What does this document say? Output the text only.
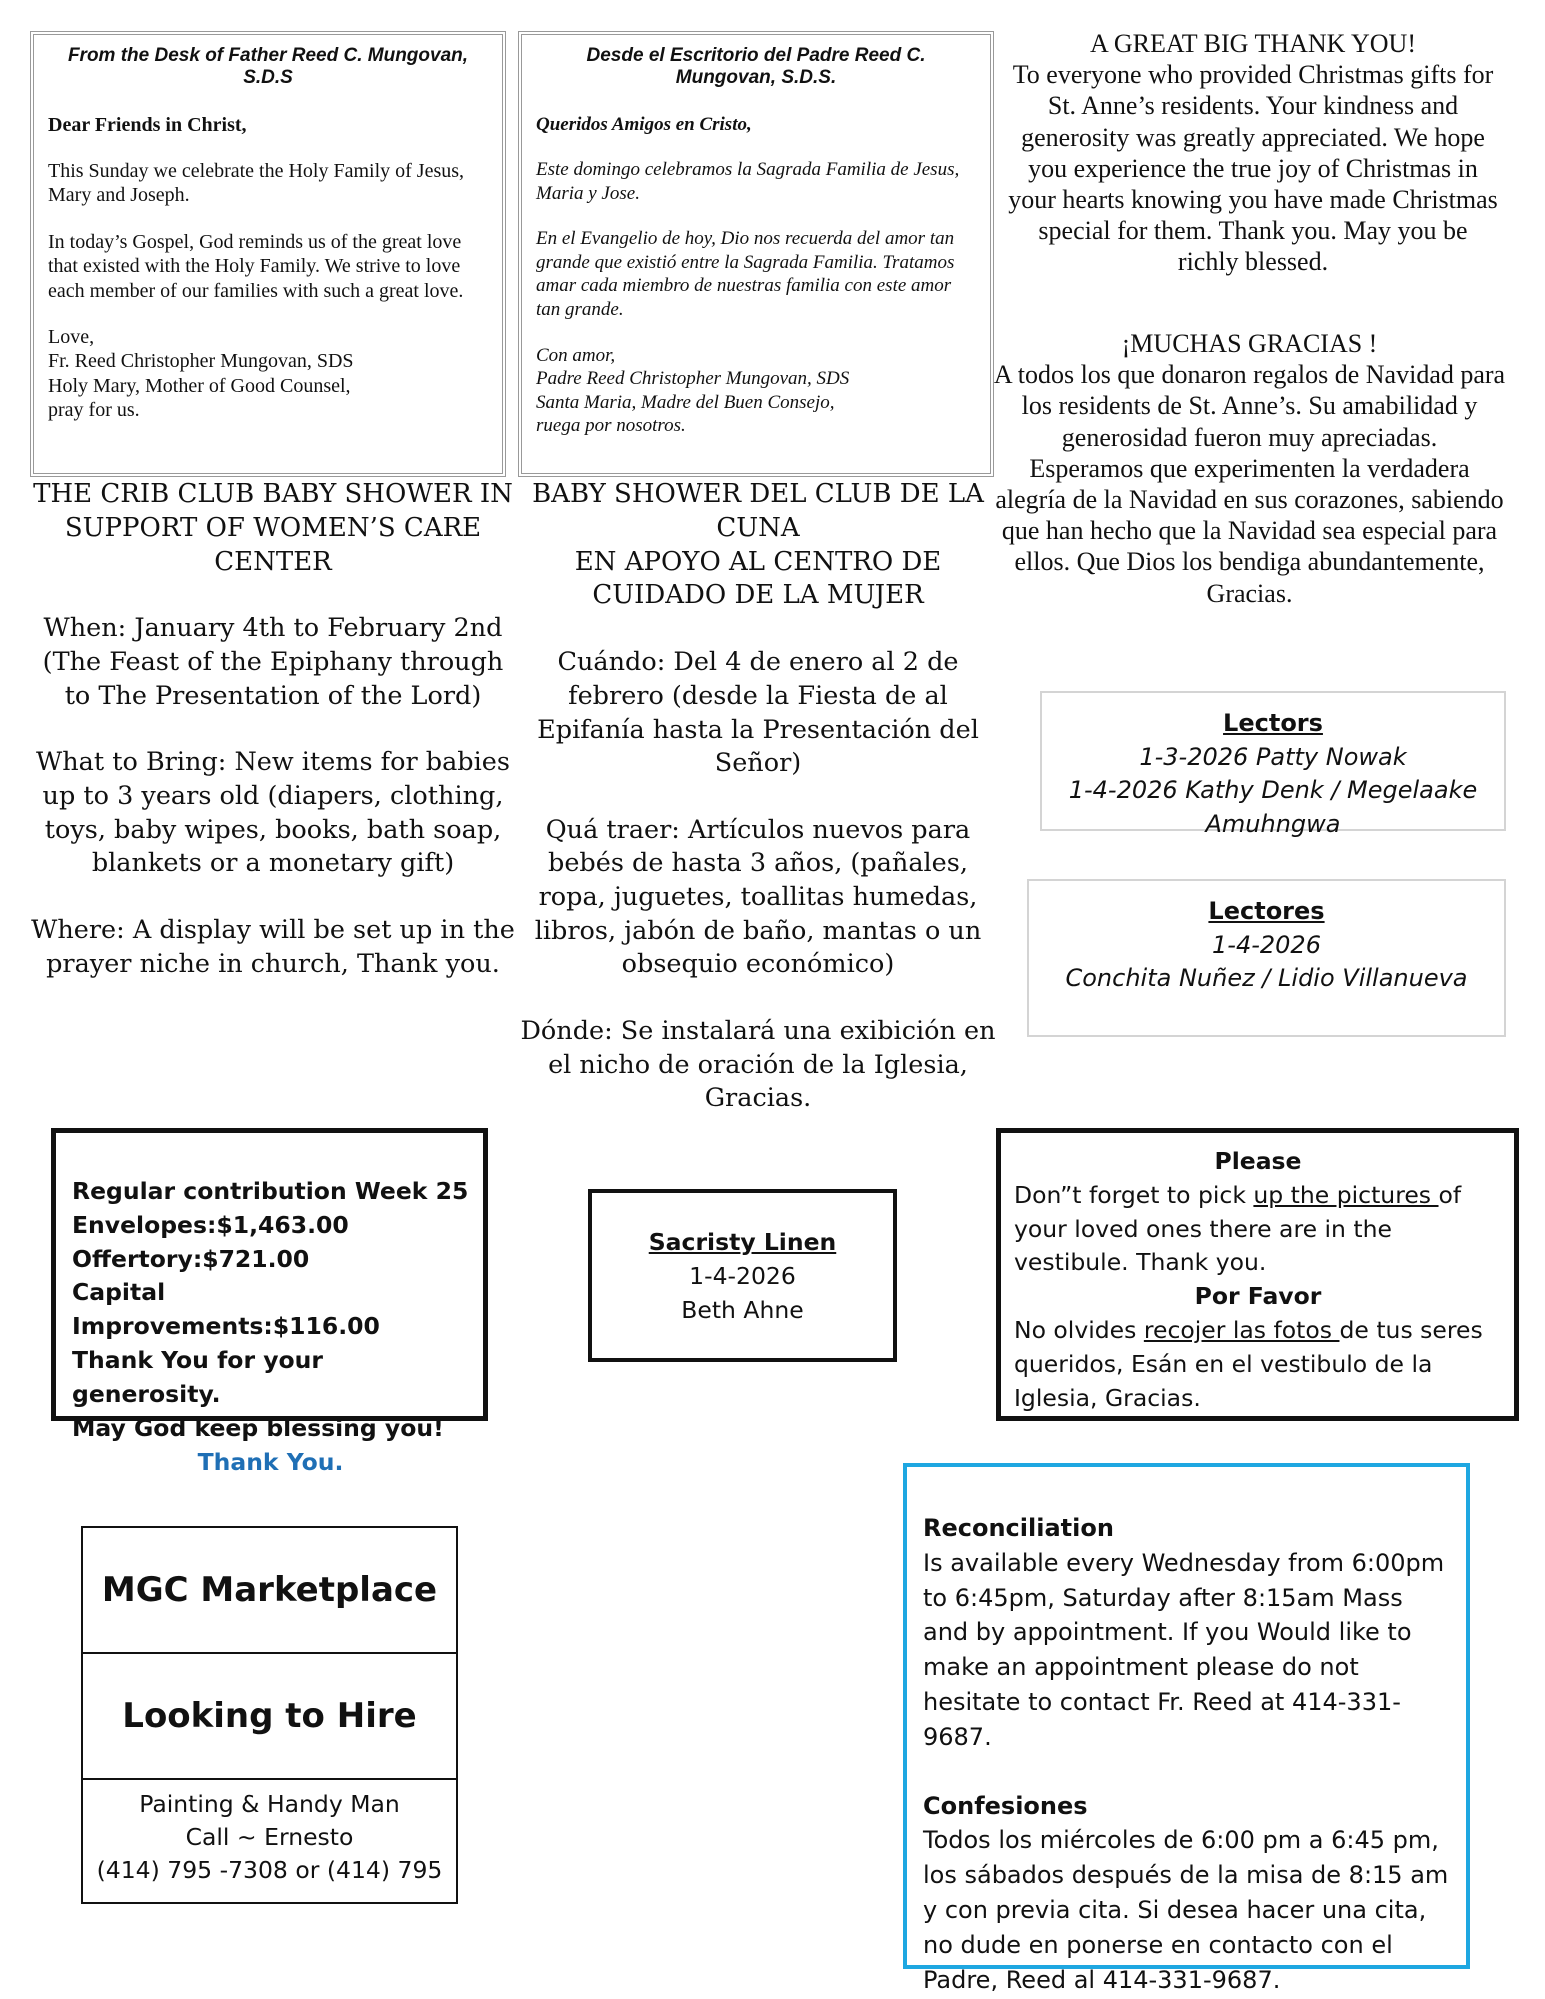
From the Desk of Father Reed C. Mungovan, S.D.S

Dear Friends in Christ,

This Sunday we celebrate the Holy Family of Jesus, Mary and Joseph.

In today’s Gospel, God reminds us of the great love that existed with the Holy Family. We strive to love each member of our families with such a great love.

Love,
Fr. Reed Christopher Mungovan, SDS
Holy Mary, Mother of Good Counsel,
pray for us.
Desde el Escritorio del Padre Reed C. Mungovan, S.D.S.

Queridos Amigos en Cristo,

Este domingo celebramos la Sagrada Familia de Jesus, Maria y Jose.

En el Evangelio de hoy, Dio nos recuerda del amor tan grande que existió entre la Sagrada Familia. Tratamos amar cada miembro de nuestras familia con este amor tan grande.

Con amor,
Padre Reed Christopher Mungovan, SDS
Santa Maria, Madre del Buen Consejo,
ruega por nosotros.

A GREAT BIG THANK YOU!

To everyone who provided Christmas gifts for St. Anne’s residents. Your kindness and generosity was greatly appreciated. We hope you experience the true joy of Christmas in your hearts knowing you have made Christmas special for them. Thank you. May you be richly blessed.

¡MUCHAS GRACIAS !

A todos los que donaron regalos de Navidad para los residents de St. Anne’s. Su amabilidad y generosidad fueron muy apreciadas.

Esperamos que experimenten la verdadera alegría de la Navidad en sus corazones, sabiendo que han hecho que la Navidad sea especial para ellos. Que Dios los bendiga abundantemente, Gracias.

THE CRIB CLUB BABY SHOWER IN SUPPORT OF WOMEN’S CARE CENTER

When: January 4th to February 2nd (The Feast of the Epiphany through to The Presentation of the Lord)

What to Bring: New items for babies up to 3 years old (diapers, clothing, toys, baby wipes, books, bath soap, blankets or a monetary gift)

Where: A display will be set up in the prayer niche in church, Thank you.

BABY SHOWER DEL CLUB DE LA CUNA
EN APOYO AL CENTRO DE CUIDADO DE LA MUJER

Cuándo: Del 4 de enero al 2 de febrero (desde la Fiesta de al Epifanía hasta la Presentación del Señor)

Quá traer: Artículos nuevos para bebés de hasta 3 años, (pañales, ropa, juguetes, toallitas humedas, libros, jabón de baño, mantas o un obsequio económico)

Dónde: Se instalará una exibición en el nicho de oración de la Iglesia, Gracias.

Lectors
1-3-2026 Patty Nowak
1-4-2026 Kathy Denk / Megelaake Amuhngwa
Lectores
1-4-2026
Conchita Nuñez / Lidio Villanueva

Regular contribution Week 25

Envelopes:$1,463.00

Offertory:$721.00

Capital Improvements:$116.00

Thank You for your generosity.

May God keep blessing you!

Thank You.

Sacristy Linen
1-4-2026
Beth Ahne

Please

Don”t forget to pick up the pictures of your loved ones there are in the vestibule. Thank you.

Por Favor

No olvides recojer las fotos de tus seres queridos, Esán en el vestibulo de la Iglesia, Gracias.

MGC Marketplace
Looking to Hire
Painting & Handy Man
Call ~ Ernesto
(414) 795 -7308 or (414) 795
Reconciliation
Is available every Wednesday from 6:00pm to 6:45pm, Saturday after 8:15am Mass and by appointment. If you Would like to make an appointment please do not hesitate to contact Fr. Reed at 414-331-9687.
Confesiones
Todos los miércoles de 6:00 pm a 6:45 pm, los sábados después de la misa de 8:15 am y con previa cita. Si desea hacer una cita, no dude en ponerse en contacto con el Padre, Reed al 414-331-9687.
